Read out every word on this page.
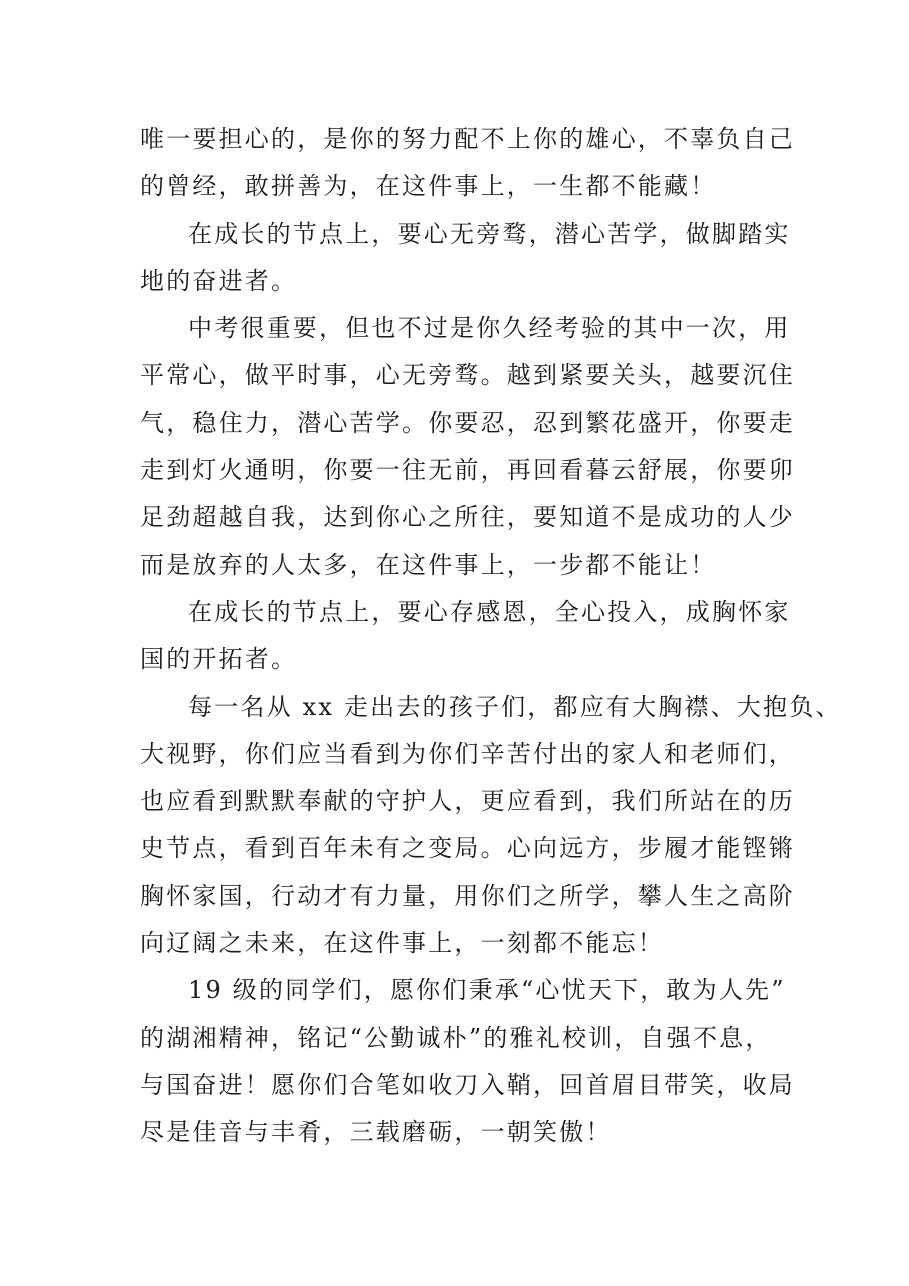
唯一要担心的，是你的努力配不上你的雄心，不辜负自己
的曾经，敢拼善为，在这件事上，一生都不能藏！
在成长的节点上，要心无旁骛，潜心苦学，做脚踏实
地的奋进者。
中考很重要，但也不过是你久经考验的其中一次，用
平常心，做平时事，心无旁骛。越到紧要关头，越要沉住
气，稳住力，潜心苦学。你要忍，忍到繁花盛开，你要走
走到灯火通明，你要一往无前，再回看暮云舒展，你要卯
足劲超越自我，达到你心之所往，要知道不是成功的人少
而是放弃的人太多，在这件事上，一步都不能让！
在成长的节点上，要心存感恩，全心投入，成胸怀家
国的开拓者。
每一名从 xx 走出去的孩子们，都应有大胸襟、大抱负、
大视野，你们应当看到为你们辛苦付出的家人和老师们，
也应看到默默奉献的守护人，更应看到，我们所站在的历
史节点，看到百年未有之变局。心向远方，步履才能铿锵
胸怀家国，行动才有力量，用你们之所学，攀人生之高阶
向辽阔之未来，在这件事上，一刻都不能忘！
19 级的同学们，愿你们秉承“心忧天下，敢为人先”
的湖湘精神，铭记“公勤诚朴”的雅礼校训，自强不息，
与国奋进！愿你们合笔如收刀入鞘，回首眉目带笑，收局
尽是佳音与丰肴，三载磨砺，一朝笑傲！
